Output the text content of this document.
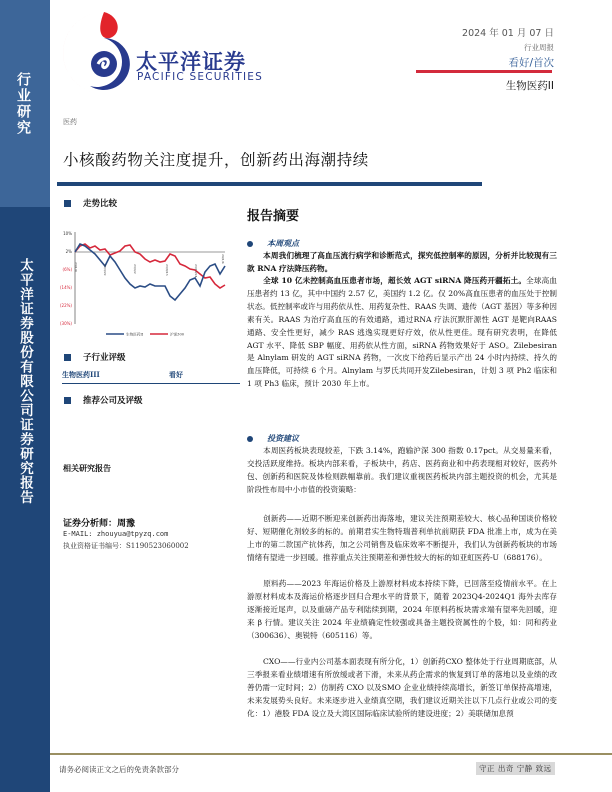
行业研究
太平洋证券股份有限公司证券研究报告
太平洋证券
PACIFIC SECURITIES
2024 年 01 月 07 日
行业周报
看好/首次
生物医药II
医药
小核酸药物关注度提升，创新药出海潮持续
走势比较
10%
2%
(6%)
(14%)
(22%)
(30%)
23/1/9	23/3/22	23/6/2	23/8/13	23/10/24
24/1/4
生物医药II	沪深300
子行业评级
生物医药III	看好
推荐公司及评级
相关研究报告
证券分析师：周豫
E-MAIL: zhouyua@tpyzq.com
执业资格证书编号：S1190523060002
报告摘要
本周观点
本周我们梳理了高血压流行病学和诊断范式，探究低控制率的原因，分析并比较现有三款 RNA 疗法降压药物。
全球 10 亿未控制高血压患者市场，超长效 AGT siRNA 降压药开疆拓土。全球高血压患者约 13 亿，其中中国约 2.57 亿，美国约 1.2 亿。仅 20%高血压患者的血压处于控制状态。低控制率或许与用药依从性、用药复杂性、RAAS 失调、遗传（AGT 基因）等多种因素有关。RAAS 为治疗高血压的有效通路，通过RNA 疗法沉默肝源性 AGT 是靶向RAAS 通路、安全性更好，减少 RAS 逃逸实现更好疗效，依从性更佳。现有研究表明，在降低 AGT 水平、降低 SBP 幅度、用药依从性方面，siRNA 药物效果好于 ASO。Zilebesiran 是 Alnylam 研发的 AGT siRNA 药物，一次皮下给药后显示产出 24 小时内持续、持久的血压降低，可持续 6 个月。Alnylam 与罗氏共同开发Zilebesiran，计划 3 项 Ph2 临床和 1 项 Ph3 临床，预计 2030 年上市。
投资建议
本周医药板块表现较差，下跌 3.14%，跑输沪深 300 指数 0.17pct。从交易量来看，交投活跃度维持。板块内部来看，子板块中，药店、医药商业和中药表现相对较好，医药外包、创新药和医院及体检则跌幅靠前。我们建议重视医药板块内部主题投资的机会，尤其是阶段性布局中小市值的投资策略：
创新药——近期不断迎来创新药出海落地，建议关注预期差较大、核心品种国谈价格较好、短期催化剂较多的标的。前期君实生物特瑞普利单抗前期获 FDA 批准上市，成为在美上市的第二款国产抗体药，加之公司销售及临床效率不断提升，我们认为创新药板块的市场情绪有望进一步回暖。推荐重点关注预期差和弹性较大的标的如亚虹医药-U（688176）。
原料药——2023 年海运价格及上游原材料成本持续下降，已回落至疫情前水平。在上游原材料成本及海运价格逐步回归合理水平的背景下，随着 2023Q4-2024Q1 海外去库存逐渐接近尾声，以及重磅产品专利陆续到期，2024 年原料药板块需求端有望率先回暖，迎来 β 行情。建议关注 2024 年业绩确定性较强或具备主题投资属性的个股，如：同和药业（300636）、奥锐特（605116）等。
CXO——行业内公司基本面表现有所分化，1）创新药CXO 整体处于行业周期底部，从三季报来看业绩增速有所放缓或者下滑，未来从药企需求的恢复到订单的落地以及业绩的改善仍需一定时间；2）仿制药 CXO 以及SMO 企业业绩持续高增长，新签订单保持高增速，未来发展势头良好。未来逐步进入业绩真空期，我们建议近期关注以下几点行业或公司的变化：1）港股 FDA 设立及大湾区国际临床试验所的建设进度；2）美联储加息预
请务必阅读正文之后的免责条款部分	守正 出奇 宁静 致远
